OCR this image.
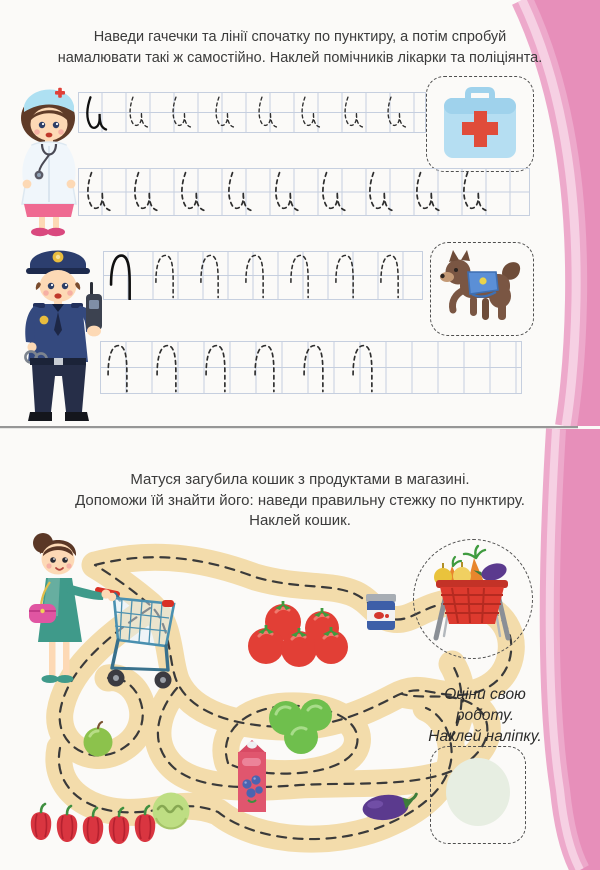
Наведи гачечки та лінії спочатку по пунктиру, а потім спробуй
намалювати такі ж самостійно. Наклей помічників лікарки та поліціянта.
Матуся загубила кошик з продуктами в магазині.
Допоможи їй знайти його: наведи правильну стежку по пунктиру.
Наклей кошик.
Оціни свою
роботу.
Наклей наліпку.
